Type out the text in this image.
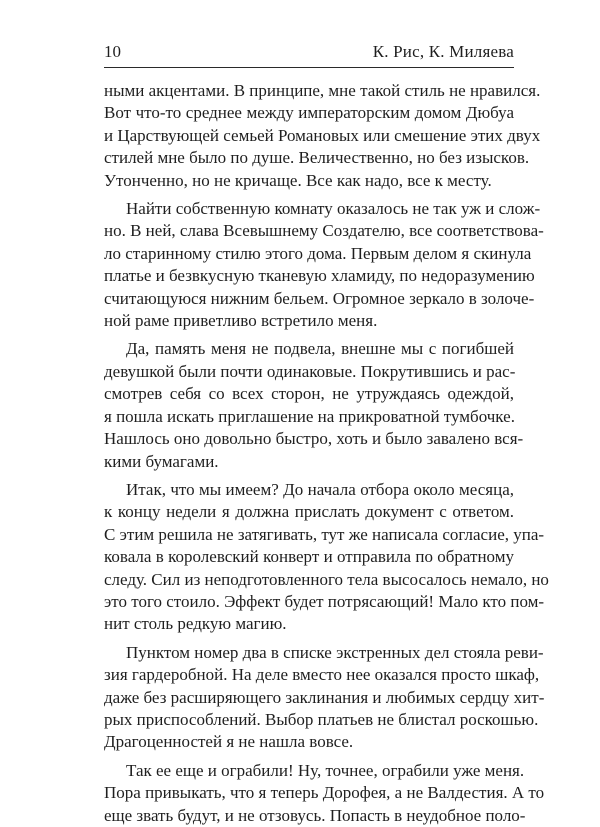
10	К. Рис, К. Миляева

ными акцентами. В принципе, мне такой стиль не нравился.
Вот что-то среднее между императорским домом Дюбуа
и Царствующей семьей Романовых или смешение этих двух
стилей мне было по душе. Величественно, но без изысков.
Утонченно, но не кричаще. Все как надо, все к месту.

Найти собственную комнату оказалось не так уж и слож-
но. В ней, слава Всевышнему Создателю, все соответствова-
ло старинному стилю этого дома. Первым делом я скинула
платье и безвкусную тканевую хламиду, по недоразумению
считающуюся нижним бельем. Огромное зеркало в золоче-
ной раме приветливо встретило меня.

Да, память меня не подвела, внешне мы с погибшей
девушкой были почти одинаковые. Покрутившись и рас-
смотрев себя со всех сторон, не утруждаясь одеждой,
я пошла искать приглашение на прикроватной тумбочке.
Нашлось оно довольно быстро, хоть и было завалено вся-
кими бумагами.

Итак, что мы имеем? До начала отбора около месяца,
к концу недели я должна прислать документ с ответом.
С этим решила не затягивать, тут же написала согласие, упа-
ковала в королевский конверт и отправила по обратному
следу. Сил из неподготовленного тела высосалось немало, но
это того стоило. Эффект будет потрясающий! Мало кто пом-
нит столь редкую магию.

Пунктом номер два в списке экстренных дел стояла реви-
зия гардеробной. На деле вместо нее оказался просто шкаф,
даже без расширяющего заклинания и любимых сердцу хит-
рых приспособлений. Выбор платьев не блистал роскошью.
Драгоценностей я не нашла вовсе.

Так ее еще и ограбили! Ну, точнее, ограбили уже меня.
Пора привыкать, что я теперь Дорофея, а не Валдестия. А то
еще звать будут, и не отзовусь. Попасть в неудобное поло-
